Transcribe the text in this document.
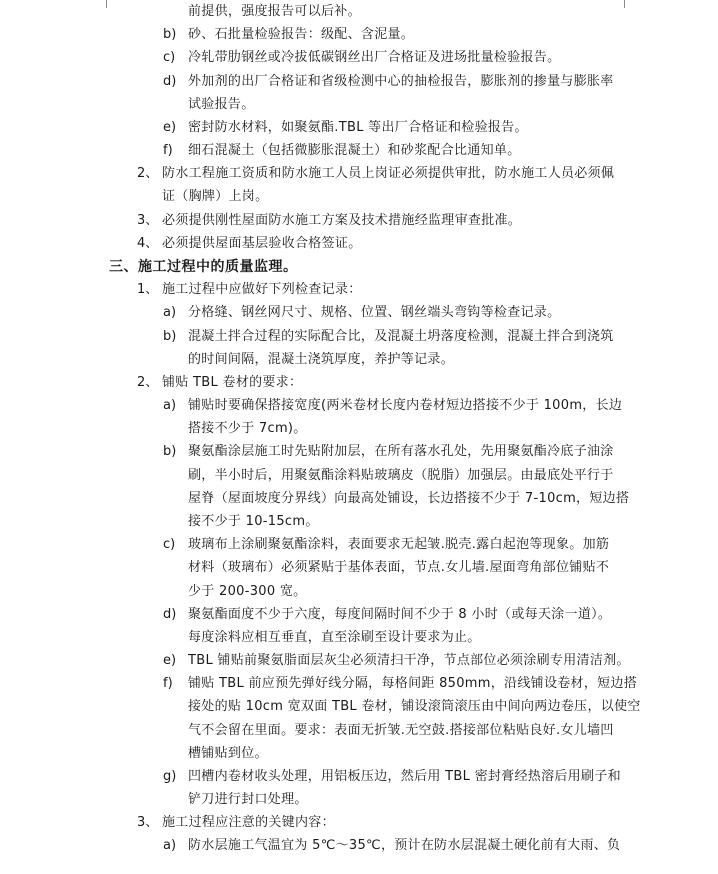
前提供，强度报告可以后补。
b) 砂、石批量检验报告：级配、含泥量。
c) 冷轧带肋钢丝或冷拔低碳钢丝出厂合格证及进场批量检验报告。
d) 外加剂的出厂合格证和省级检测中心的抽检报告，膨胀剂的掺量与膨胀率
试验报告。
e) 密封防水材料，如聚氨酯.TBL 等出厂合格证和检验报告。
f) 细石混凝土（包括微膨胀混凝土）和砂浆配合比通知单。
2、 防水工程施工资质和防水施工人员上岗证必须提供审批，防水施工人员必须佩
证（胸牌）上岗。
3、 必须提供刚性屋面防水施工方案及技术措施经监理审查批准。
4、 必须提供屋面基层验收合格签证。
三、施工过程中的质量监理。
1、 施工过程中应做好下列检查记录：
a) 分格缝、钢丝网尺寸、规格、位置、钢丝端头弯钩等检查记录。
b) 混凝土拌合过程的实际配合比，及混凝土坍落度检测，混凝土拌合到浇筑
的时间间隔，混凝土浇筑厚度，养护等记录。
2、 铺贴 TBL 卷材的要求：
a) 铺贴时要确保搭接宽度(两米卷材长度内卷材短边搭接不少于 100m，长边
搭接不少于 7cm)。
b) 聚氨酯涂层施工时先贴附加层，在所有落水孔处，先用聚氨酯冷底子油涂
刷，半小时后，用聚氨酯涂料贴玻璃皮（脱脂）加强层。由最底处平行于
屋脊（屋面坡度分界线）向最高处铺设，长边搭接不少于 7-10cm，短边搭
接不少于 10-15cm。
c) 玻璃布上涂刷聚氨酯涂料，表面要求无起皱.脱壳.露白起泡等现象。加筋
材料（玻璃布）必须紧贴于基体表面，节点.女儿墙.屋面弯角部位铺贴不
少于 200-300 宽。
d) 聚氨酯面度不少于六度，每度间隔时间不少于 8 小时（或每天涂一道）。
每度涂料应相互垂直，直至涂刷至设计要求为止。
e) TBL 铺贴前聚氨脂面层灰尘必须清扫干净，节点部位必须涂刷专用清洁剂。
f) 铺贴 TBL 前应预先弹好线分隔，每格间距 850mm，沿线铺设卷材，短边搭
接处的贴 10cm 宽双面 TBL 卷材，铺设滚筒滚压由中间向两边卷压，以使空
气不会留在里面。要求：表面无折皱.无空鼓.搭接部位粘贴良好.女儿墙凹
槽铺贴到位。
g) 凹槽内卷材收头处理，用铝板压边，然后用 TBL 密封膏经热溶后用刷子和
铲刀进行封口处理。
3、 施工过程应注意的关键内容：
a) 防水层施工气温宜为 5℃～35℃，预计在防水层混凝土硬化前有大雨、负
